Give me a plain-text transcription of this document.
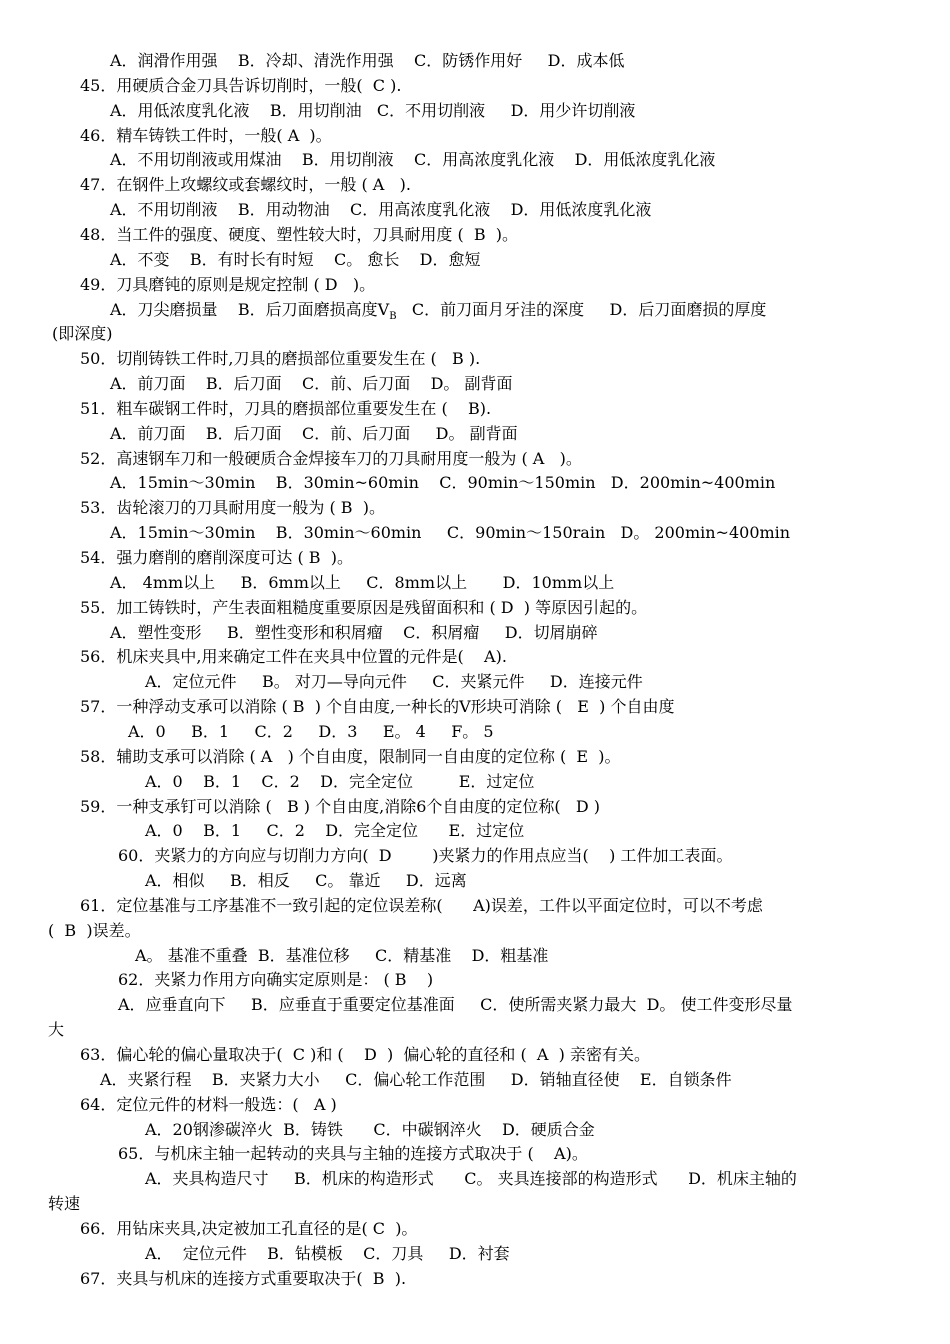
A．润滑作用强    B．冷却、清洗作用强    C．防锈作用好     D．成本低
45．用硬质合金刀具告诉切削时，一般(  C ).
A．用低浓度乳化液    B．用切削油   C．不用切削液     D．用少许切削液
46．精车铸铁工件时，一般( A  )。
A．不用切削液或用煤油    B．用切削液    C．用高浓度乳化液    D．用低浓度乳化液
47．在钢件上攻螺纹或套螺纹时，一般 ( A   ).
A．不用切削液    B．用动物油    C．用高浓度乳化液    D．用低浓度乳化液
48．当工件的强度、硬度、塑性较大时，刀具耐用度 (  B  )。
A．不变    B．有时长有时短    C。 愈长    D．愈短
49．刀具磨钝的原则是规定控制 ( D   )。
A．刀尖磨损量    B．后刀面磨损高度$V_B$   C．前刀面月牙洼的深度     D．后刀面磨损的厚度
(即深度)
50．切削铸铁工件时,刀具的磨损部位重要发生在 (   B ).
A．前刀面    B．后刀面    C．前、后刀面    D。 副背面
51．粗车碳钢工件时，刀具的磨损部位重要发生在 (    B).
A．前刀面    B．后刀面    C．前、后刀面     D。 副背面
52．高速钢车刀和一般硬质合金焊接车刀的刀具耐用度一般为 ( A   )。
A．15min～30min    B．30min~60min    C．90min～150min   D．200min~400min
53．齿轮滚刀的刀具耐用度一般为 ( B  )。
A．15min～30min    B．30min～60min     C．90min～150rain   D。 200min~400min
54．强力磨削的磨削深度可达 ( B  )。
A． 4mm以上     B．6mm以上     C．8mm以上       D．10mm以上
55．加工铸铁时，产生表面粗糙度重要原因是残留面积和 ( D  ) 等原因引起的。
A．塑性变形     B．塑性变形和积屑瘤    C．积屑瘤     D．切屑崩碎
56．机床夹具中,用来确定工件在夹具中位置的元件是(    A).
A．定位元件     B。 对刀—导向元件     C．夹紧元件     D．连接元件
57．一种浮动支承可以消除 ( B  ) 个自由度,一种长的V形块可消除 (   E  ) 个自由度
A．0     B．1     C．2     D．3     E。 4     F。 5
58．辅助支承可以消除 ( A   ) 个自由度，限制同一自由度的定位称 (  E  )。
A．0    B．1    C．2    D．完全定位         E．过定位
59．一种支承钉可以消除 (   B ) 个自由度,消除6个自由度的定位称(   D )
A．0    B．1     C．2    D．完全定位      E．过定位
60．夹紧力的方向应与切削力方向(  D        )夹紧力的作用点应当(    ) 工件加工表面。
A．相似     B．相反     C。 靠近     D．远离
61．定位基准与工序基准不一致引起的定位误差称(      A)误差，工件以平面定位时，可以不考虑
(  B  )误差。
A。 基准不重叠  B．基准位移     C．精基准    D．粗基准
62．夹紧力作用方向确实定原则是： ( B    )
A．应垂直向下     B．应垂直于重要定位基准面     C．使所需夹紧力最大  D。 使工件变形尽量
大
63．偏心轮的偏心量取决于(  C )和 (    D  )  偏心轮的直径和 (  A  ) 亲密有关。
A．夹紧行程    B．夹紧力大小     C．偏心轮工作范围     D．销轴直径使    E．自锁条件
64．定位元件的材料一般选：(   A )
A．20钢渗碳淬火  B．铸铁      C．中碳钢淬火    D．硬质合金
65．与机床主轴一起转动的夹具与主轴的连接方式取决于 (    A)。
A．夹具构造尺寸     B．机床的构造形式      C。 夹具连接部的构造形式      D．机床主轴的
转速
66．用钻床夹具,决定被加工孔直径的是( C  )。
A．  定位元件    B．钻模板    C．刀具     D．衬套
67．夹具与机床的连接方式重要取决于(  B  ).
